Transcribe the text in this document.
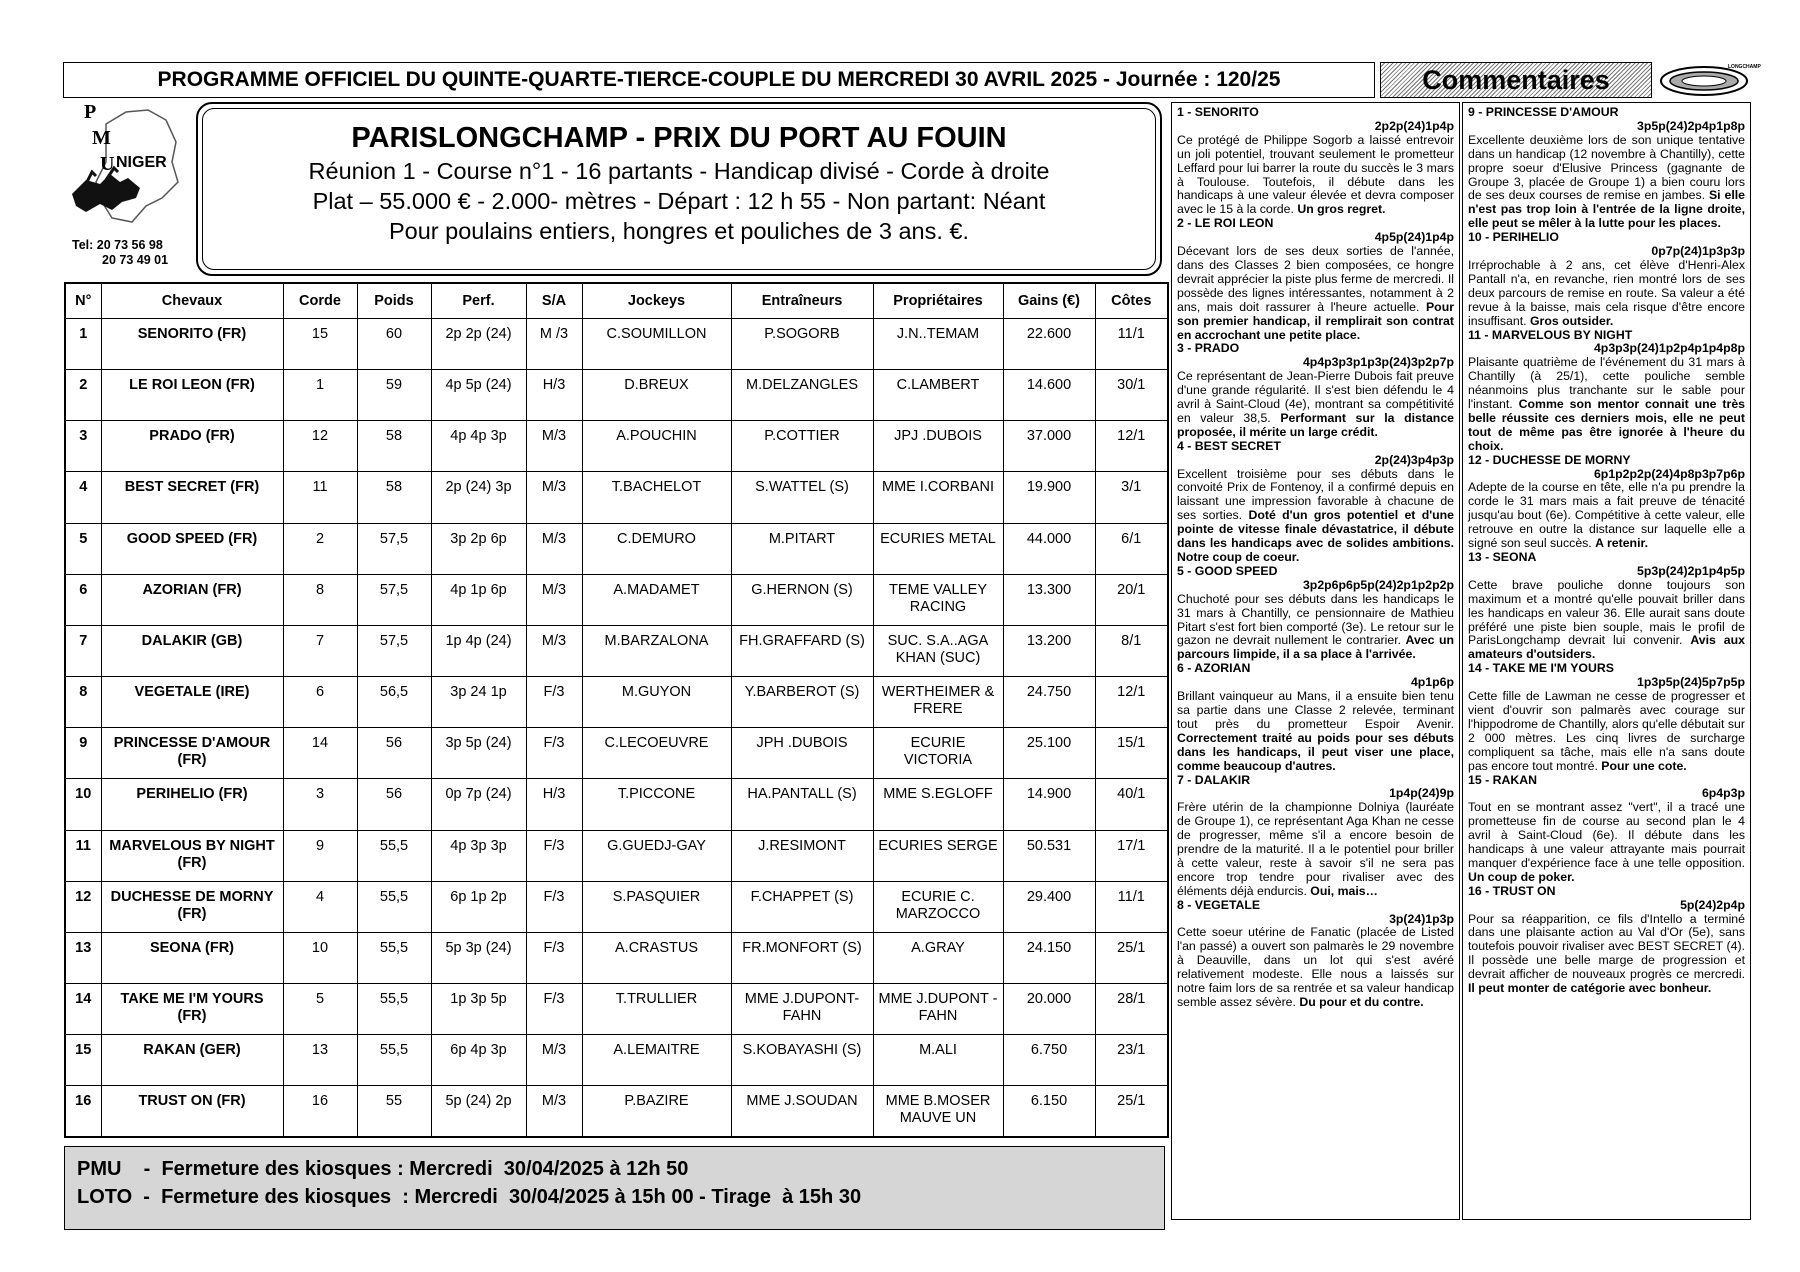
PROGRAMME OFFICIEL DU QUINTE-QUARTE-TIERCE-COUPLE DU MERCREDI 30 AVRIL 2025 - Journée : 120/25	Commentaires	LONGCHAMP
P
M
U NIGER
Tel: 20 73 56 98
20 73 49 01
PARISLONGCHAMP - PRIX DU PORT AU FOUIN
Réunion 1 - Course n°1 - 16 partants - Handicap divisé - Corde à droite
Plat – 55.000 € - 2.000- mètres - Départ : 12 h 55 - Non partant: Néant
Pour poulains entiers, hongres et pouliches de 3 ans. €.
N°	Chevaux	Corde	Poids	Perf.	S/A	Jockeys	Entraîneurs	Propriétaires	Gains (€)	Côtes
1	SENORITO (FR)	15	60	2p 2p (24)	M /3	C.SOUMILLON	P.SOGORB	J.N..TEMAM	22.600	11/1
2	LE ROI LEON (FR)	1	59	4p 5p (24)	H/3	D.BREUX	M.DELZANGLES	C.LAMBERT	14.600	30/1
3	PRADO (FR)	12	58	4p 4p 3p	M/3	A.POUCHIN	P.COTTIER	JPJ .DUBOIS	37.000	12/1
4	BEST SECRET (FR)	11	58	2p (24) 3p	M/3	T.BACHELOT	S.WATTEL (S)	MME I.CORBANI	19.900	3/1
5	GOOD SPEED (FR)	2	57,5	3p 2p 6p	M/3	C.DEMURO	M.PITART	ECURIES METAL	44.000	6/1
6	AZORIAN (FR)	8	57,5	4p 1p 6p	M/3	A.MADAMET	G.HERNON (S)	TEME VALLEY RACING	13.300	20/1
7	DALAKIR (GB)	7	57,5	1p 4p (24)	M/3	M.BARZALONA	FH.GRAFFARD (S)	SUC. S.A..AGA KHAN (SUC)	13.200	8/1
8	VEGETALE (IRE)	6	56,5	3p 24 1p	F/3	M.GUYON	Y.BARBEROT (S)	WERTHEIMER & FRERE	24.750	12/1
9	PRINCESSE D'AMOUR (FR)	14	56	3p 5p (24)	F/3	C.LECOEUVRE	JPH .DUBOIS	ECURIE VICTORIA	25.100	15/1
10	PERIHELIO (FR)	3	56	0p 7p (24)	H/3	T.PICCONE	HA.PANTALL (S)	MME S.EGLOFF	14.900	40/1
11	MARVELOUS BY NIGHT (FR)	9	55,5	4p 3p 3p	F/3	G.GUEDJ-GAY	J.RESIMONT	ECURIES SERGE	50.531	17/1
12	DUCHESSE DE MORNY (FR)	4	55,5	6p 1p 2p	F/3	S.PASQUIER	F.CHAPPET (S)	ECURIE C. MARZOCCO	29.400	11/1
13	SEONA (FR)	10	55,5	5p 3p (24)	F/3	A.CRASTUS	FR.MONFORT (S)	A.GRAY	24.150	25/1
14	TAKE ME I'M YOURS (FR)	5	55,5	1p 3p 5p	F/3	T.TRULLIER	MME J.DUPONT-FAHN	MME J.DUPONT -FAHN	20.000	28/1
15	RAKAN (GER)	13	55,5	6p 4p 3p	M/3	A.LEMAITRE	S.KOBAYASHI (S)	M.ALI	6.750	23/1
16	TRUST ON (FR)	16	55	5p (24) 2p	M/3	P.BAZIRE	MME J.SOUDAN	MME B.MOSER MAUVE UN	6.150	25/1
PMU    -  Fermeture des kiosques : Mercredi  30/04/2025 à 12h 50
LOTO  -  Fermeture des kiosques  : Mercredi  30/04/2025 à 15h 00 - Tirage  à 15h 30
1 - SENORITO
2p2p(24)1p4p
Ce protégé de Philippe Sogorb a laissé entrevoir un joli potentiel, trouvant seulement le prometteur Leffard pour lui barrer la route du succès le 3 mars à Toulouse. Toutefois, il débute dans les handicaps à une valeur élevée et devra composer avec le 15 à la corde. Un gros regret.
2 - LE ROI LEON
4p5p(24)1p4p
Décevant lors de ses deux sorties de l'année, dans des Classes 2 bien composées, ce hongre devrait apprécier la piste plus ferme de mercredi. Il possède des lignes intéressantes, notamment à 2 ans, mais doit rassurer à l'heure actuelle. Pour son premier handicap, il remplirait son contrat en accrochant une petite place.
3 - PRADO
4p4p3p3p1p3p(24)3p2p7p
Ce représentant de Jean-Pierre Dubois fait preuve d'une grande régularité. Il s'est bien défendu le 4 avril à Saint-Cloud (4e), montrant sa compétitivité en valeur 38,5. Performant sur la distance proposée, il mérite un large crédit.
4 - BEST SECRET
2p(24)3p4p3p
Excellent troisième pour ses débuts dans le convoité Prix de Fontenoy, il a confirmé depuis en laissant une impression favorable à chacune de ses sorties. Doté d'un gros potentiel et d'une pointe de vitesse finale dévastatrice, il débute dans les handicaps avec de solides ambitions. Notre coup de coeur.
5 - GOOD SPEED
3p2p6p6p5p(24)2p1p2p2p
Chuchoté pour ses débuts dans les handicaps le 31 mars à Chantilly, ce pensionnaire de Mathieu Pitart s'est fort bien comporté (3e). Le retour sur le gazon ne devrait nullement le contrarier. Avec un parcours limpide, il a sa place à l'arrivée.
6 - AZORIAN
4p1p6p
Brillant vainqueur au Mans, il a ensuite bien tenu sa partie dans une Classe 2 relevée, terminant tout près du prometteur Espoir Avenir. Correctement traité au poids pour ses débuts dans les handicaps, il peut viser une place, comme beaucoup d'autres.
7 - DALAKIR
1p4p(24)9p
Frère utérin de la championne Dolniya (lauréate de Groupe 1), ce représentant Aga Khan ne cesse de progresser, même s'il a encore besoin de prendre de la maturité. Il a le potentiel pour briller à cette valeur, reste à savoir s'il ne sera pas encore trop tendre pour rivaliser avec des éléments déjà endurcis. Oui, mais…
8 - VEGETALE
3p(24)1p3p
Cette soeur utérine de Fanatic (placée de Listed l'an passé) a ouvert son palmarès le 29 novembre à Deauville, dans un lot qui s'est avéré relativement modeste. Elle nous a laissés sur notre faim lors de sa rentrée et sa valeur handicap semble assez sévère. Du pour et du contre.
9 - PRINCESSE D'AMOUR
3p5p(24)2p4p1p8p
Excellente deuxième lors de son unique tentative dans un handicap (12 novembre à Chantilly), cette propre soeur d'Elusive Princess (gagnante de Groupe 3, placée de Groupe 1) a bien couru lors de ses deux courses de remise en jambes. Si elle n'est pas trop loin à l'entrée de la ligne droite, elle peut se mêler à la lutte pour les places.
10 - PERIHELIO
0p7p(24)1p3p3p
Irréprochable à 2 ans, cet élève d'Henri-Alex Pantall n'a, en revanche, rien montré lors de ses deux parcours de remise en route. Sa valeur a été revue à la baisse, mais cela risque d'être encore insuffisant. Gros outsider.
11 - MARVELOUS BY NIGHT
4p3p3p(24)1p2p4p1p4p8p
Plaisante quatrième de l'événement du 31 mars à Chantilly (à 25/1), cette pouliche semble néanmoins plus tranchante sur le sable pour l'instant. Comme son mentor connait une très belle réussite ces derniers mois, elle ne peut tout de même pas être ignorée à l'heure du choix.
12 - DUCHESSE DE MORNY
6p1p2p2p(24)4p8p3p7p6p
Adepte de la course en tête, elle n'a pu prendre la corde le 31 mars mais a fait preuve de ténacité jusqu'au bout (6e). Compétitive à cette valeur, elle retrouve en outre la distance sur laquelle elle a signé son seul succès. A retenir.
13 - SEONA
5p3p(24)2p1p4p5p
Cette brave pouliche donne toujours son maximum et a montré qu'elle pouvait briller dans les handicaps en valeur 36. Elle aurait sans doute préféré une piste bien souple, mais le profil de ParisLongchamp devrait lui convenir. Avis aux amateurs d'outsiders.
14 - TAKE ME I'M YOURS
1p3p5p(24)5p7p5p
Cette fille de Lawman ne cesse de progresser et vient d'ouvrir son palmarès avec courage sur l'hippodrome de Chantilly, alors qu'elle débutait sur 2 000 mètres. Les cinq livres de surcharge compliquent sa tâche, mais elle n'a sans doute pas encore tout montré. Pour une cote.
15 - RAKAN
6p4p3p
Tout en se montrant assez "vert", il a tracé une prometteuse fin de course au second plan le 4 avril à Saint-Cloud (6e). Il débute dans les handicaps à une valeur attrayante mais pourrait manquer d'expérience face à une telle opposition. Un coup de poker.
16 - TRUST ON
5p(24)2p4p
Pour sa réapparition, ce fils d'Intello a terminé dans une plaisante action au Val d'Or (5e), sans toutefois pouvoir rivaliser avec BEST SECRET (4). Il possède une belle marge de progression et devrait afficher de nouveaux progrès ce mercredi. Il peut monter de catégorie avec bonheur.
